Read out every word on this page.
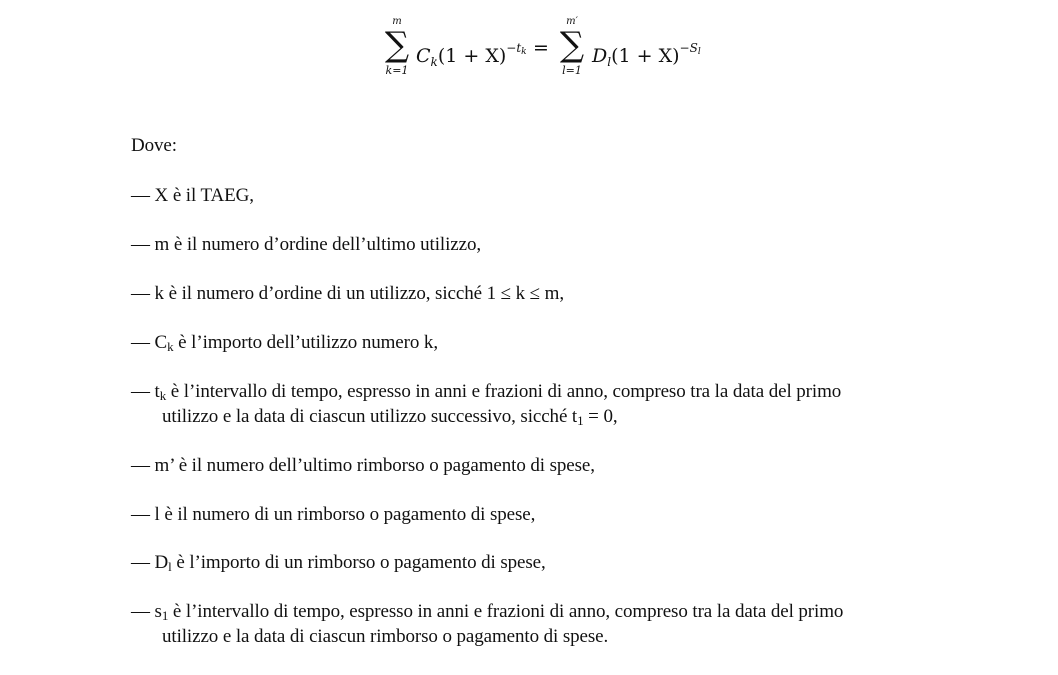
m
∑
k=1
$C_k(1 + X)^{-tk}$ =
m′
∑
l=1
$D_l(1 + X)^{-Sl}$
Dove:
— X è il TAEG,
— m è il numero d’ordine dell’ultimo utilizzo,
— k è il numero d’ordine di un utilizzo, sicché 1 ≤ k ≤ m,
— $C_k$ è l’importo dell’utilizzo numero k,
— $t_k$ è l’intervallo di tempo, espresso in anni e frazioni di anno, compreso tra la data del primo
utilizzo e la data di ciascun utilizzo successivo, sicché $t_1 = 0$,
— m’ è il numero dell’ultimo rimborso o pagamento di spese,
— l è il numero di un rimborso o pagamento di spese,
— $D_l$ è l’importo di un rimborso o pagamento di spese,
— $s_1$ è l’intervallo di tempo, espresso in anni e frazioni di anno, compreso tra la data del primo
utilizzo e la data di ciascun rimborso o pagamento di spese.
